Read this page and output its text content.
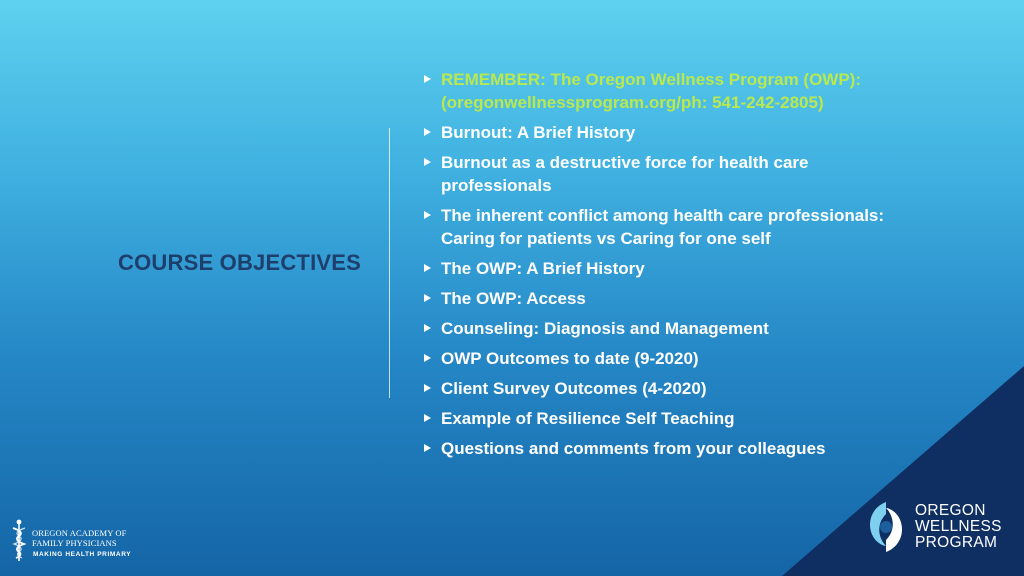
COURSE OBJECTIVES
REMEMBER: The Oregon Wellness Program (OWP):
(oregonwellnessprogram.org/ph: 541-242-2805)
Burnout: A Brief History
Burnout as a destructive force for health care
professionals
The inherent conflict among health care professionals:
Caring for patients vs Caring for one self
The OWP: A Brief History
The OWP: Access
Counseling: Diagnosis and Management
OWP Outcomes to date (9-2020)
Client Survey Outcomes (4-2020)
Example of Resilience Self Teaching
Questions and comments from your colleagues
OREGON ACADEMY OF
FAMILY PHYSICIANS
MAKING HEALTH PRIMARY
OREGON
WELLNESS
PROGRAM
